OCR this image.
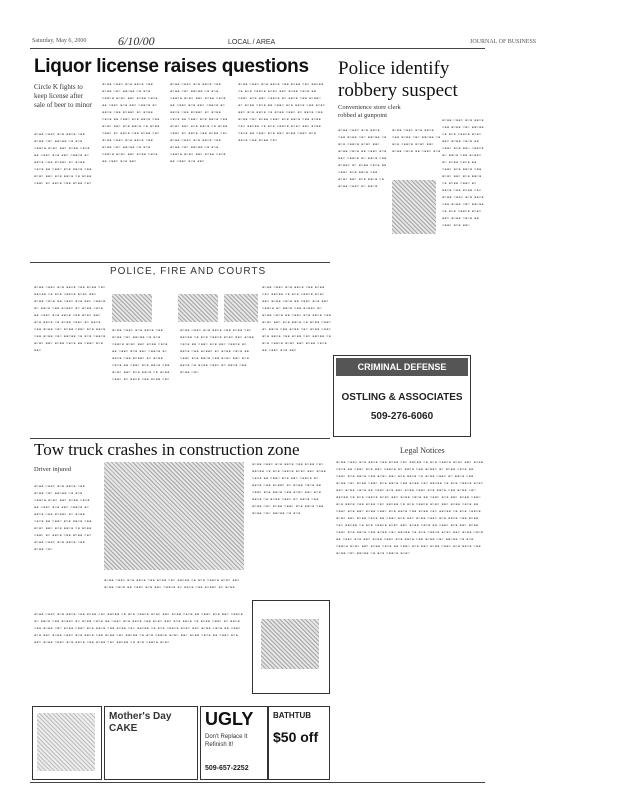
Saturday, May 6, 2000	6/10/00	LOCAL / AREA	JOURNAL OF BUSINESS
Liquor license raises questions
Circle K fights to keep license after sale of beer to minor
▪▫▪▪ ▫▪▪▫ ▪▫▪ ▪▪▫▪ ▫▪▪ ▪▫▪▪ ▫▪▫ ▪▪▫▪▪ ▫▪ ▪▫▪ ▫▪▪▫▪ ▪▫▪▫ ▪▪▫ ▪▫▪▪ ▫▪▫▪ ▪▪ ▫▪▪▫ ▪▫▪ ▪▪▫ ▫▪▪▫▪ ▪▫ ▪▪▫▪ ▫▪▪ ▪▫▪▪▫ ▪▫ ▪▫▪▪ ▫▪▫▪ ▪▪ ▫▪▪▫ ▪▫▪ ▪▪▫▪ ▫▪▪ ▪▫▪▫ ▪▪▫ ▪▫▪ ▪▪▫▪ ▫▪ ▪▫▪▪ ▫▪▪▫ ▪▫ ▪▪▫▪ ▫▪▪ ▪▫▪▪ ▫▪▫
▪▫▪▪ ▫▪▪▫ ▪▫▪ ▪▪▫▪ ▫▪▪ ▪▫▪▪ ▫▪▫ ▪▪▫▪▪ ▫▪ ▪▫▪ ▫▪▪▫▪ ▪▫▪▫ ▪▪▫ ▪▫▪▪ ▫▪▫▪ ▪▪ ▫▪▪▫ ▪▫▪ ▪▪▫ ▫▪▪▫▪ ▪▫ ▪▪▫▪ ▫▪▪ ▪▫▪▪▫ ▪▫ ▪▫▪▪ ▫▪▫▪ ▪▪ ▫▪▪▫ ▪▫▪ ▪▪▫▪ ▫▪▪ ▪▫▪▫ ▪▪▫ ▪▫▪ ▪▪▫▪ ▫▪ ▪▫▪▪ ▫▪▪▫ ▪▫ ▪▪▫▪ ▫▪▪ ▪▫▪▪ ▫▪▫ ▪▫▪▪ ▫▪▪▫ ▪▫▪ ▪▪▫▪ ▫▪▪ ▪▫▪▪ ▫▪▫ ▪▪▫▪▪ ▫▪ ▪▫▪ ▫▪▪▫▪ ▪▫▪▫ ▪▪▫ ▪▫▪▪ ▫▪▫▪ ▪▪ ▫▪▪▫ ▪▫▪ ▪▪▫
▪▫▪▪ ▫▪▪▫ ▪▫▪ ▪▪▫▪ ▫▪▪ ▪▫▪▪ ▫▪▫ ▪▪▫▪▪ ▫▪ ▪▫▪ ▫▪▪▫▪ ▪▫▪▫ ▪▪▫ ▪▫▪▪ ▫▪▫▪ ▪▪ ▫▪▪▫ ▪▫▪ ▪▪▫ ▫▪▪▫▪ ▪▫ ▪▪▫▪ ▫▪▪ ▪▫▪▪▫ ▪▫ ▪▫▪▪ ▫▪▫▪ ▪▪ ▫▪▪▫ ▪▫▪ ▪▪▫▪ ▫▪▪ ▪▫▪▫ ▪▪▫ ▪▫▪ ▪▪▫▪ ▫▪ ▪▫▪▪ ▫▪▪▫ ▪▫ ▪▪▫▪ ▫▪▪ ▪▫▪▪ ▫▪▫ ▪▫▪▪ ▫▪▪▫ ▪▫▪ ▪▪▫▪ ▫▪▪ ▪▫▪▪ ▫▪▫ ▪▪▫▪▪ ▫▪ ▪▫▪ ▫▪▪▫▪ ▪▫▪▫ ▪▪▫ ▪▫▪▪ ▫▪▫▪ ▪▪ ▫▪▪▫ ▪▫▪ ▪▪▫
▪▫▪▪ ▫▪▪▫ ▪▫▪ ▪▪▫▪ ▫▪▪ ▪▫▪▪ ▫▪▫ ▪▪▫▪▪ ▫▪ ▪▫▪ ▫▪▪▫▪ ▪▫▪▫ ▪▪▫ ▪▫▪▪ ▫▪▫▪ ▪▪ ▫▪▪▫ ▪▫▪ ▪▪▫ ▫▪▪▫▪ ▪▫ ▪▪▫▪ ▫▪▪ ▪▫▪▪▫ ▪▫ ▪▫▪▪ ▫▪▫▪ ▪▪ ▫▪▪▫ ▪▫▪ ▪▪▫▪ ▫▪▪ ▪▫▪▫ ▪▪▫ ▪▫▪ ▪▪▫▪ ▫▪ ▪▫▪▪ ▫▪▪▫ ▪▫ ▪▪▫▪ ▫▪▪ ▪▫▪▪ ▫▪▫ ▪▫▪▪ ▫▪▪▫ ▪▫▪ ▪▪▫▪ ▫▪▪ ▪▫▪▪ ▫▪▫ ▪▪▫▪▪ ▫▪ ▪▫▪ ▫▪▪▫▪ ▪▫▪▫ ▪▪▫ ▪▫▪▪ ▫▪▫▪ ▪▪ ▫▪▪▫ ▪▫▪ ▪▪▫ ▪▫▪▪ ▫▪▪▫ ▪▫▪ ▪▪▫▪ ▫▪▪ ▪▫▪▪ ▫▪▫
Police identify robbery suspect
Convenience store clerk robbed at gunpoint
▪▫▪▪ ▫▪▪▫ ▪▫▪ ▪▪▫▪ ▫▪▪ ▪▫▪▪ ▫▪▫ ▪▪▫▪▪ ▫▪ ▪▫▪ ▫▪▪▫▪ ▪▫▪▫ ▪▪▫ ▪▫▪▪ ▫▪▫▪ ▪▪ ▫▪▪▫ ▪▫▪ ▪▪▫ ▫▪▪▫▪ ▪▫ ▪▪▫▪ ▫▪▪ ▪▫▪▪▫ ▪▫ ▪▫▪▪ ▫▪▫▪ ▪▪ ▫▪▪▫ ▪▫▪ ▪▪▫▪ ▫▪▪ ▪▫▪▫ ▪▪▫ ▪▫▪ ▪▪▫▪ ▫▪ ▪▫▪▪ ▫▪▪▫ ▪▫ ▪▪▫▪
▪▫▪▪ ▫▪▪▫ ▪▫▪ ▪▪▫▪ ▫▪▪ ▪▫▪▪ ▫▪▫ ▪▪▫▪▪ ▫▪ ▪▫▪ ▫▪▪▫▪ ▪▫▪▫ ▪▪▫ ▪▫▪▪ ▫▪▫▪ ▪▪ ▫▪▪▫ ▪▫▪
▪▫▪▪ ▫▪▪▫ ▪▫▪ ▪▪▫▪ ▫▪▪ ▪▫▪▪ ▫▪▫ ▪▪▫▪▪ ▫▪ ▪▫▪ ▫▪▪▫▪ ▪▫▪▫ ▪▪▫ ▪▫▪▪ ▫▪▫▪ ▪▪ ▫▪▪▫ ▪▫▪ ▪▪▫ ▫▪▪▫▪ ▪▫ ▪▪▫▪ ▫▪▪ ▪▫▪▪▫ ▪▫ ▪▫▪▪ ▫▪▫▪ ▪▪ ▫▪▪▫ ▪▫▪ ▪▪▫▪ ▫▪▪ ▪▫▪▫ ▪▪▫ ▪▫▪ ▪▪▫▪ ▫▪ ▪▫▪▪ ▫▪▪▫ ▪▫ ▪▪▫▪ ▫▪▪ ▪▫▪▪ ▫▪▫ ▪▫▪▪ ▫▪▪▫ ▪▫▪ ▪▪▫▪ ▫▪▪ ▪▫▪▪ ▫▪▫ ▪▪▫▪▪ ▫▪ ▪▫▪ ▫▪▪▫▪ ▪▫▪▫ ▪▪▫ ▪▫▪▪ ▫▪▫▪ ▪▪ ▫▪▪▫ ▪▫▪ ▪▪▫
POLICE, FIRE AND COURTS
▪▫▪▪ ▫▪▪▫ ▪▫▪ ▪▪▫▪ ▫▪▪ ▪▫▪▪ ▫▪▫ ▪▪▫▪▪ ▫▪ ▪▫▪ ▫▪▪▫▪ ▪▫▪▫ ▪▪▫ ▪▫▪▪ ▫▪▫▪ ▪▪ ▫▪▪▫ ▪▫▪ ▪▪▫ ▫▪▪▫▪ ▪▫ ▪▪▫▪ ▫▪▪ ▪▫▪▪▫ ▪▫ ▪▫▪▪ ▫▪▫▪ ▪▪ ▫▪▪▫ ▪▫▪ ▪▪▫▪ ▫▪▪ ▪▫▪▫ ▪▪▫ ▪▫▪ ▪▪▫▪ ▫▪ ▪▫▪▪ ▫▪▪▫ ▪▫ ▪▪▫▪ ▫▪▪ ▪▫▪▪ ▫▪▫ ▪▫▪▪ ▫▪▪▫ ▪▫▪ ▪▪▫▪ ▫▪▪ ▪▫▪▪ ▫▪▫ ▪▪▫▪▪ ▫▪ ▪▫▪ ▫▪▪▫▪ ▪▫▪▫ ▪▪▫ ▪▫▪▪ ▫▪▫▪ ▪▪ ▫▪▪▫ ▪▫▪ ▪▪▫
▪▫▪▪ ▫▪▪▫ ▪▫▪ ▪▪▫▪ ▫▪▪ ▪▫▪▪ ▫▪▫ ▪▪▫▪▪ ▫▪ ▪▫▪ ▫▪▪▫▪ ▪▫▪▫ ▪▪▫ ▪▫▪▪ ▫▪▫▪ ▪▪ ▫▪▪▫ ▪▫▪ ▪▪▫ ▫▪▪▫▪ ▪▫ ▪▪▫▪ ▫▪▪ ▪▫▪▪▫ ▪▫ ▪▫▪▪ ▫▪▫▪ ▪▪ ▫▪▪▫ ▪▫▪ ▪▪▫▪ ▫▪▪ ▪▫▪▫ ▪▪▫ ▪▫▪ ▪▪▫▪ ▫▪ ▪▫▪▪ ▫▪▪▫ ▪▫ ▪▪▫▪ ▫▪▪ ▪▫▪▪ ▫▪▫
▪▫▪▪ ▫▪▪▫ ▪▫▪ ▪▪▫▪ ▫▪▪ ▪▫▪▪ ▫▪▫ ▪▪▫▪▪ ▫▪ ▪▫▪ ▫▪▪▫▪ ▪▫▪▫ ▪▪▫ ▪▫▪▪ ▫▪▫▪ ▪▪ ▫▪▪▫ ▪▫▪ ▪▪▫ ▫▪▪▫▪ ▪▫ ▪▪▫▪ ▫▪▪ ▪▫▪▪▫ ▪▫ ▪▫▪▪ ▫▪▫▪ ▪▪ ▫▪▪▫ ▪▫▪ ▪▪▫▪ ▫▪▪ ▪▫▪▫ ▪▪▫ ▪▫▪ ▪▪▫▪ ▫▪ ▪▫▪▪ ▫▪▪▫ ▪▫ ▪▪▫▪ ▫▪▪ ▪▫▪▪ ▫▪▫
▪▫▪▪ ▫▪▪▫ ▪▫▪ ▪▪▫▪ ▫▪▪ ▪▫▪▪ ▫▪▫ ▪▪▫▪▪ ▫▪ ▪▫▪ ▫▪▪▫▪ ▪▫▪▫ ▪▪▫ ▪▫▪▪ ▫▪▫▪ ▪▪ ▫▪▪▫ ▪▫▪ ▪▪▫ ▫▪▪▫▪ ▪▫ ▪▪▫▪ ▫▪▪ ▪▫▪▪▫ ▪▫ ▪▫▪▪ ▫▪▫▪ ▪▪ ▫▪▪▫ ▪▫▪ ▪▪▫▪ ▫▪▪ ▪▫▪▫ ▪▪▫ ▪▫▪ ▪▪▫▪ ▫▪ ▪▫▪▪ ▫▪▪▫ ▪▫ ▪▪▫▪ ▫▪▪ ▪▫▪▪ ▫▪▫ ▪▫▪▪ ▫▪▪▫ ▪▫▪ ▪▪▫▪ ▫▪▪ ▪▫▪▪ ▫▪▫ ▪▪▫▪▪ ▫▪ ▪▫▪ ▫▪▪▫▪ ▪▫▪▫ ▪▪▫ ▪▫▪▪ ▫▪▫▪ ▪▪ ▫▪▪▫ ▪▫▪ ▪▪▫
CRIMINAL DEFENSE
OSTLING & ASSOCIATES
509-276-6060
Tow truck crashes in construction zone
Driver injured
▪▫▪▪ ▫▪▪▫ ▪▫▪ ▪▪▫▪ ▫▪▪ ▪▫▪▪ ▫▪▫ ▪▪▫▪▪ ▫▪ ▪▫▪ ▫▪▪▫▪ ▪▫▪▫ ▪▪▫ ▪▫▪▪ ▫▪▫▪ ▪▪ ▫▪▪▫ ▪▫▪ ▪▪▫ ▫▪▪▫▪ ▪▫ ▪▪▫▪ ▫▪▪ ▪▫▪▪▫ ▪▫ ▪▫▪▪ ▫▪▫▪ ▪▪ ▫▪▪▫ ▪▫▪ ▪▪▫▪ ▫▪▪ ▪▫▪▫ ▪▪▫ ▪▫▪ ▪▪▫▪ ▫▪ ▪▫▪▪ ▫▪▪▫ ▪▫ ▪▪▫▪ ▫▪▪ ▪▫▪▪ ▫▪▫ ▪▫▪▪ ▫▪▪▫ ▪▫▪ ▪▪▫▪ ▫▪▪ ▪▫▪▪ ▫▪▫
▪▫▪▪ ▫▪▪▫ ▪▫▪ ▪▪▫▪ ▫▪▪ ▪▫▪▪ ▫▪▫ ▪▪▫▪▪ ▫▪ ▪▫▪ ▫▪▪▫▪ ▪▫▪▫ ▪▪▫ ▪▫▪▪ ▫▪▫▪ ▪▪ ▫▪▪▫ ▪▫▪ ▪▪▫ ▫▪▪▫▪ ▪▫ ▪▪▫▪ ▫▪▪ ▪▫▪▪▫ ▪▫ ▪▫▪▪
▪▫▪▪ ▫▪▪▫ ▪▫▪ ▪▪▫▪ ▫▪▪ ▪▫▪▪ ▫▪▫ ▪▪▫▪▪ ▫▪ ▪▫▪ ▫▪▪▫▪ ▪▫▪▫ ▪▪▫ ▪▫▪▪ ▫▪▫▪ ▪▪ ▫▪▪▫ ▪▫▪ ▪▪▫ ▫▪▪▫▪ ▪▫ ▪▪▫▪ ▫▪▪ ▪▫▪▪▫ ▪▫ ▪▫▪▪ ▫▪▫▪ ▪▪ ▫▪▪▫ ▪▫▪ ▪▪▫▪ ▫▪▪ ▪▫▪▫ ▪▪▫ ▪▫▪ ▪▪▫▪ ▫▪ ▪▫▪▪ ▫▪▪▫ ▪▫ ▪▪▫▪ ▫▪▪ ▪▫▪▪ ▫▪▫ ▪▫▪▪ ▫▪▪▫ ▪▫▪ ▪▪▫▪ ▫▪▪ ▪▫▪▪ ▫▪▫ ▪▪▫▪▪ ▫▪ ▪▫▪
▪▫▪▪ ▫▪▪▫ ▪▫▪ ▪▪▫▪ ▫▪▪ ▪▫▪▪ ▫▪▫ ▪▪▫▪▪ ▫▪ ▪▫▪ ▫▪▪▫▪ ▪▫▪▫ ▪▪▫ ▪▫▪▪ ▫▪▫▪ ▪▪ ▫▪▪▫ ▪▫▪ ▪▪▫ ▫▪▪▫▪ ▪▫ ▪▪▫▪ ▫▪▪ ▪▫▪▪▫ ▪▫ ▪▫▪▪ ▫▪▫▪ ▪▪ ▫▪▪▫ ▪▫▪ ▪▪▫▪ ▫▪▪ ▪▫▪▫ ▪▪▫ ▪▫▪ ▪▪▫▪ ▫▪ ▪▫▪▪ ▫▪▪▫ ▪▫ ▪▪▫▪ ▫▪▪ ▪▫▪▪ ▫▪▫ ▪▫▪▪ ▫▪▪▫ ▪▫▪ ▪▪▫▪ ▫▪▪ ▪▫▪▪ ▫▪▫ ▪▪▫▪▪ ▫▪ ▪▫▪ ▫▪▪▫▪ ▪▫▪▫ ▪▪▫ ▪▫▪▪ ▫▪▫▪ ▪▪ ▫▪▪▫ ▪▫▪ ▪▪▫ ▪▫▪▪ ▫▪▪▫ ▪▫▪ ▪▪▫▪ ▫▪▪ ▪▫▪▪ ▫▪▫ ▪▪▫▪▪ ▫▪ ▪▫▪ ▫▪▪▫▪ ▪▫▪▫ ▪▪▫ ▪▫▪▪ ▫▪▫▪ ▪▪ ▫▪▪▫ ▪▫▪ ▪▪▫ ▪▫▪▪ ▫▪▪▫ ▪▫▪ ▪▪▫▪ ▫▪▪ ▪▫▪▪ ▫▪▫ ▪▪▫▪▪ ▫▪ ▪▫▪ ▫▪▪▫▪ ▪▫▪▫
Legal Notices
▪▫▪▪ ▫▪▪▫ ▪▫▪ ▪▪▫▪ ▫▪▪ ▪▫▪▪ ▫▪▫ ▪▪▫▪▪ ▫▪ ▪▫▪ ▫▪▪▫▪ ▪▫▪▫ ▪▪▫ ▪▫▪▪ ▫▪▫▪ ▪▪ ▫▪▪▫ ▪▫▪ ▪▪▫ ▫▪▪▫▪ ▪▫ ▪▪▫▪ ▫▪▪ ▪▫▪▪▫ ▪▫ ▪▫▪▪ ▫▪▫▪ ▪▪ ▫▪▪▫ ▪▫▪ ▪▪▫▪ ▫▪▪ ▪▫▪▫ ▪▪▫ ▪▫▪ ▪▪▫▪ ▫▪ ▪▫▪▪ ▫▪▪▫ ▪▫ ▪▪▫▪ ▫▪▪ ▪▫▪▪ ▫▪▫ ▪▫▪▪ ▫▪▪▫ ▪▫▪ ▪▪▫▪ ▫▪▪ ▪▫▪▪ ▫▪▫ ▪▪▫▪▪ ▫▪ ▪▫▪ ▫▪▪▫▪ ▪▫▪▫ ▪▪▫ ▪▫▪▪ ▫▪▫▪ ▪▪ ▫▪▪▫ ▪▫▪ ▪▪▫ ▪▫▪▪ ▫▪▪▫ ▪▫▪ ▪▪▫▪ ▫▪▪ ▪▫▪▪ ▫▪▫ ▪▪▫▪▪ ▫▪ ▪▫▪ ▫▪▪▫▪ ▪▫▪▫ ▪▪▫ ▪▫▪▪ ▫▪▫▪ ▪▪ ▫▪▪▫ ▪▫▪ ▪▪▫ ▪▫▪▪ ▫▪▪▫ ▪▫▪ ▪▪▫▪ ▫▪▪ ▪▫▪▪ ▫▪▫ ▪▪▫▪▪ ▫▪ ▪▫▪ ▫▪▪▫▪ ▪▫▪▫ ▪▪▫ ▪▫▪▪ ▫▪▫▪ ▪▪ ▫▪▪▫ ▪▫▪ ▪▪▫ ▪▫▪▪ ▫▪▪▫ ▪▫▪ ▪▪▫▪ ▫▪▪ ▪▫▪▪ ▫▪▫ ▪▪▫▪▪ ▫▪ ▪▫▪ ▫▪▪▫▪ ▪▫▪▫ ▪▪▫ ▪▫▪▪ ▫▪▫▪ ▪▪ ▫▪▪▫ ▪▫▪ ▪▪▫ ▪▫▪▪ ▫▪▪▫ ▪▫▪ ▪▪▫▪ ▫▪▪ ▪▫▪▪ ▫▪▫ ▪▪▫▪▪ ▫▪ ▪▫▪ ▫▪▪▫▪ ▪▫▪▫ ▪▪▫ ▪▫▪▪ ▫▪▫▪ ▪▪ ▫▪▪▫ ▪▫▪ ▪▪▫ ▪▫▪▪ ▫▪▪▫ ▪▫▪ ▪▪▫▪ ▫▪▪ ▪▫▪▪ ▫▪▫ ▪▪▫▪▪ ▫▪ ▪▫▪ ▫▪▪▫▪ ▪▫▪▫ ▪▪▫ ▪▫▪▪ ▫▪▫▪ ▪▪ ▫▪▪▫ ▪▫▪ ▪▪▫ ▪▫▪▪ ▫▪▪▫ ▪▫▪ ▪▪▫▪ ▫▪▪ ▪▫▪▪ ▫▪▫ ▪▪▫▪▪ ▫▪ ▪▫▪ ▫▪▪▫▪ ▪▫▪▫ ▪▪▫ ▪▫▪▪ ▫▪▫▪ ▪▪ ▫▪▪▫ ▪▫▪ ▪▪▫ ▪▫▪▪ ▫▪▪▫ ▪▫▪ ▪▪▫▪ ▫▪▪ ▪▫▪▪ ▫▪▫ ▪▪▫▪▪ ▫▪ ▪▫▪ ▫▪▪▫▪ ▪▫▪▫
Mother's Day CAKE	UGLY
Don't Replace It Refinish It!
509-657-2252
BATHTUB
$50 off
